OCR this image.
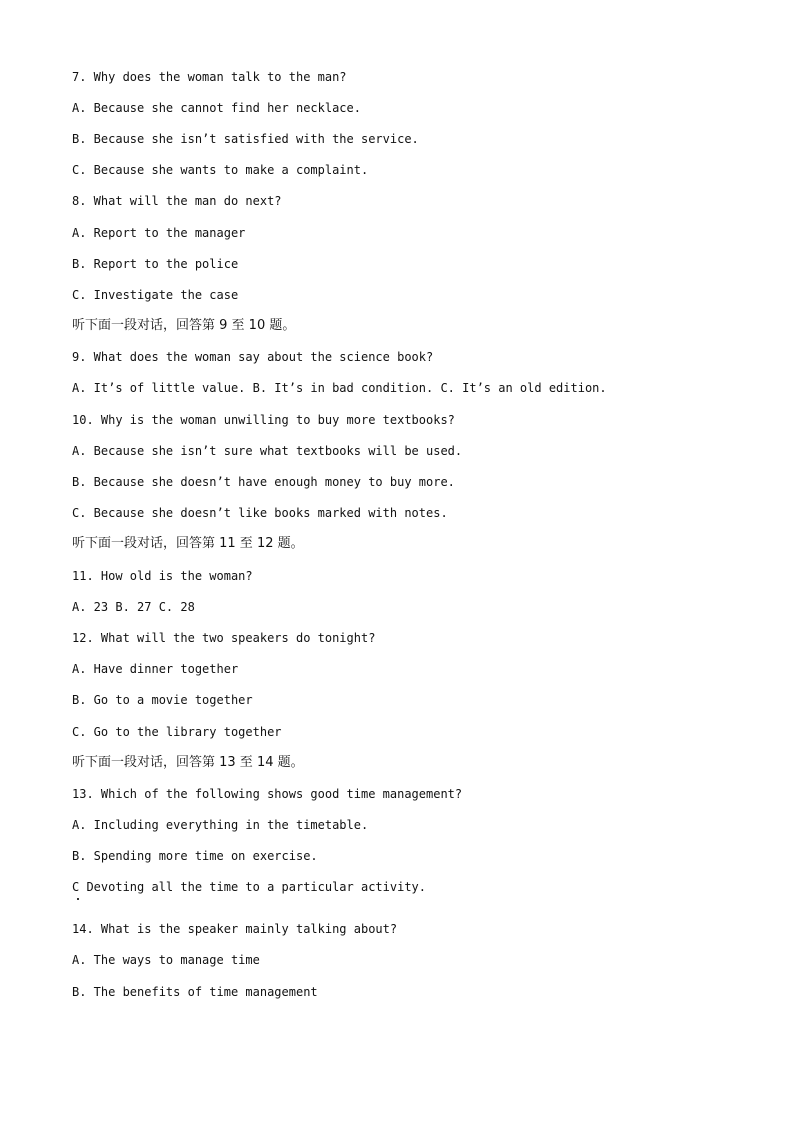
7. Why does the woman talk to the man?
A. Because she cannot find her necklace.
B. Because she isn’t satisfied with the service.
C. Because she wants to make a complaint.
8. What will the man do next?
A. Report to the manager
B. Report to the police
C. Investigate the case
听下面一段对话，回答第 9 至 10 题。
9. What does the woman say about the science book?
A. It’s of little value. B. It’s in bad condition. C. It’s an old edition.
10. Why is the woman unwilling to buy more textbooks?
A. Because she isn’t sure what textbooks will be used.
B. Because she doesn’t have enough money to buy more.
C. Because she doesn’t like books marked with notes.
听下面一段对话，回答第 11 至 12 题。
11. How old is the woman?
A. 23 B. 27 C. 28
12. What will the two speakers do tonight?
A. Have dinner together
B. Go to a movie together
C. Go to the library together
听下面一段对话，回答第 13 至 14 题。
13. Which of the following shows good time management?
A. Including everything in the timetable.
B. Spending more time on exercise.
C Devoting all the time to a particular activity.
14. What is the speaker mainly talking about?
A. The ways to manage time
B. The benefits of time management
